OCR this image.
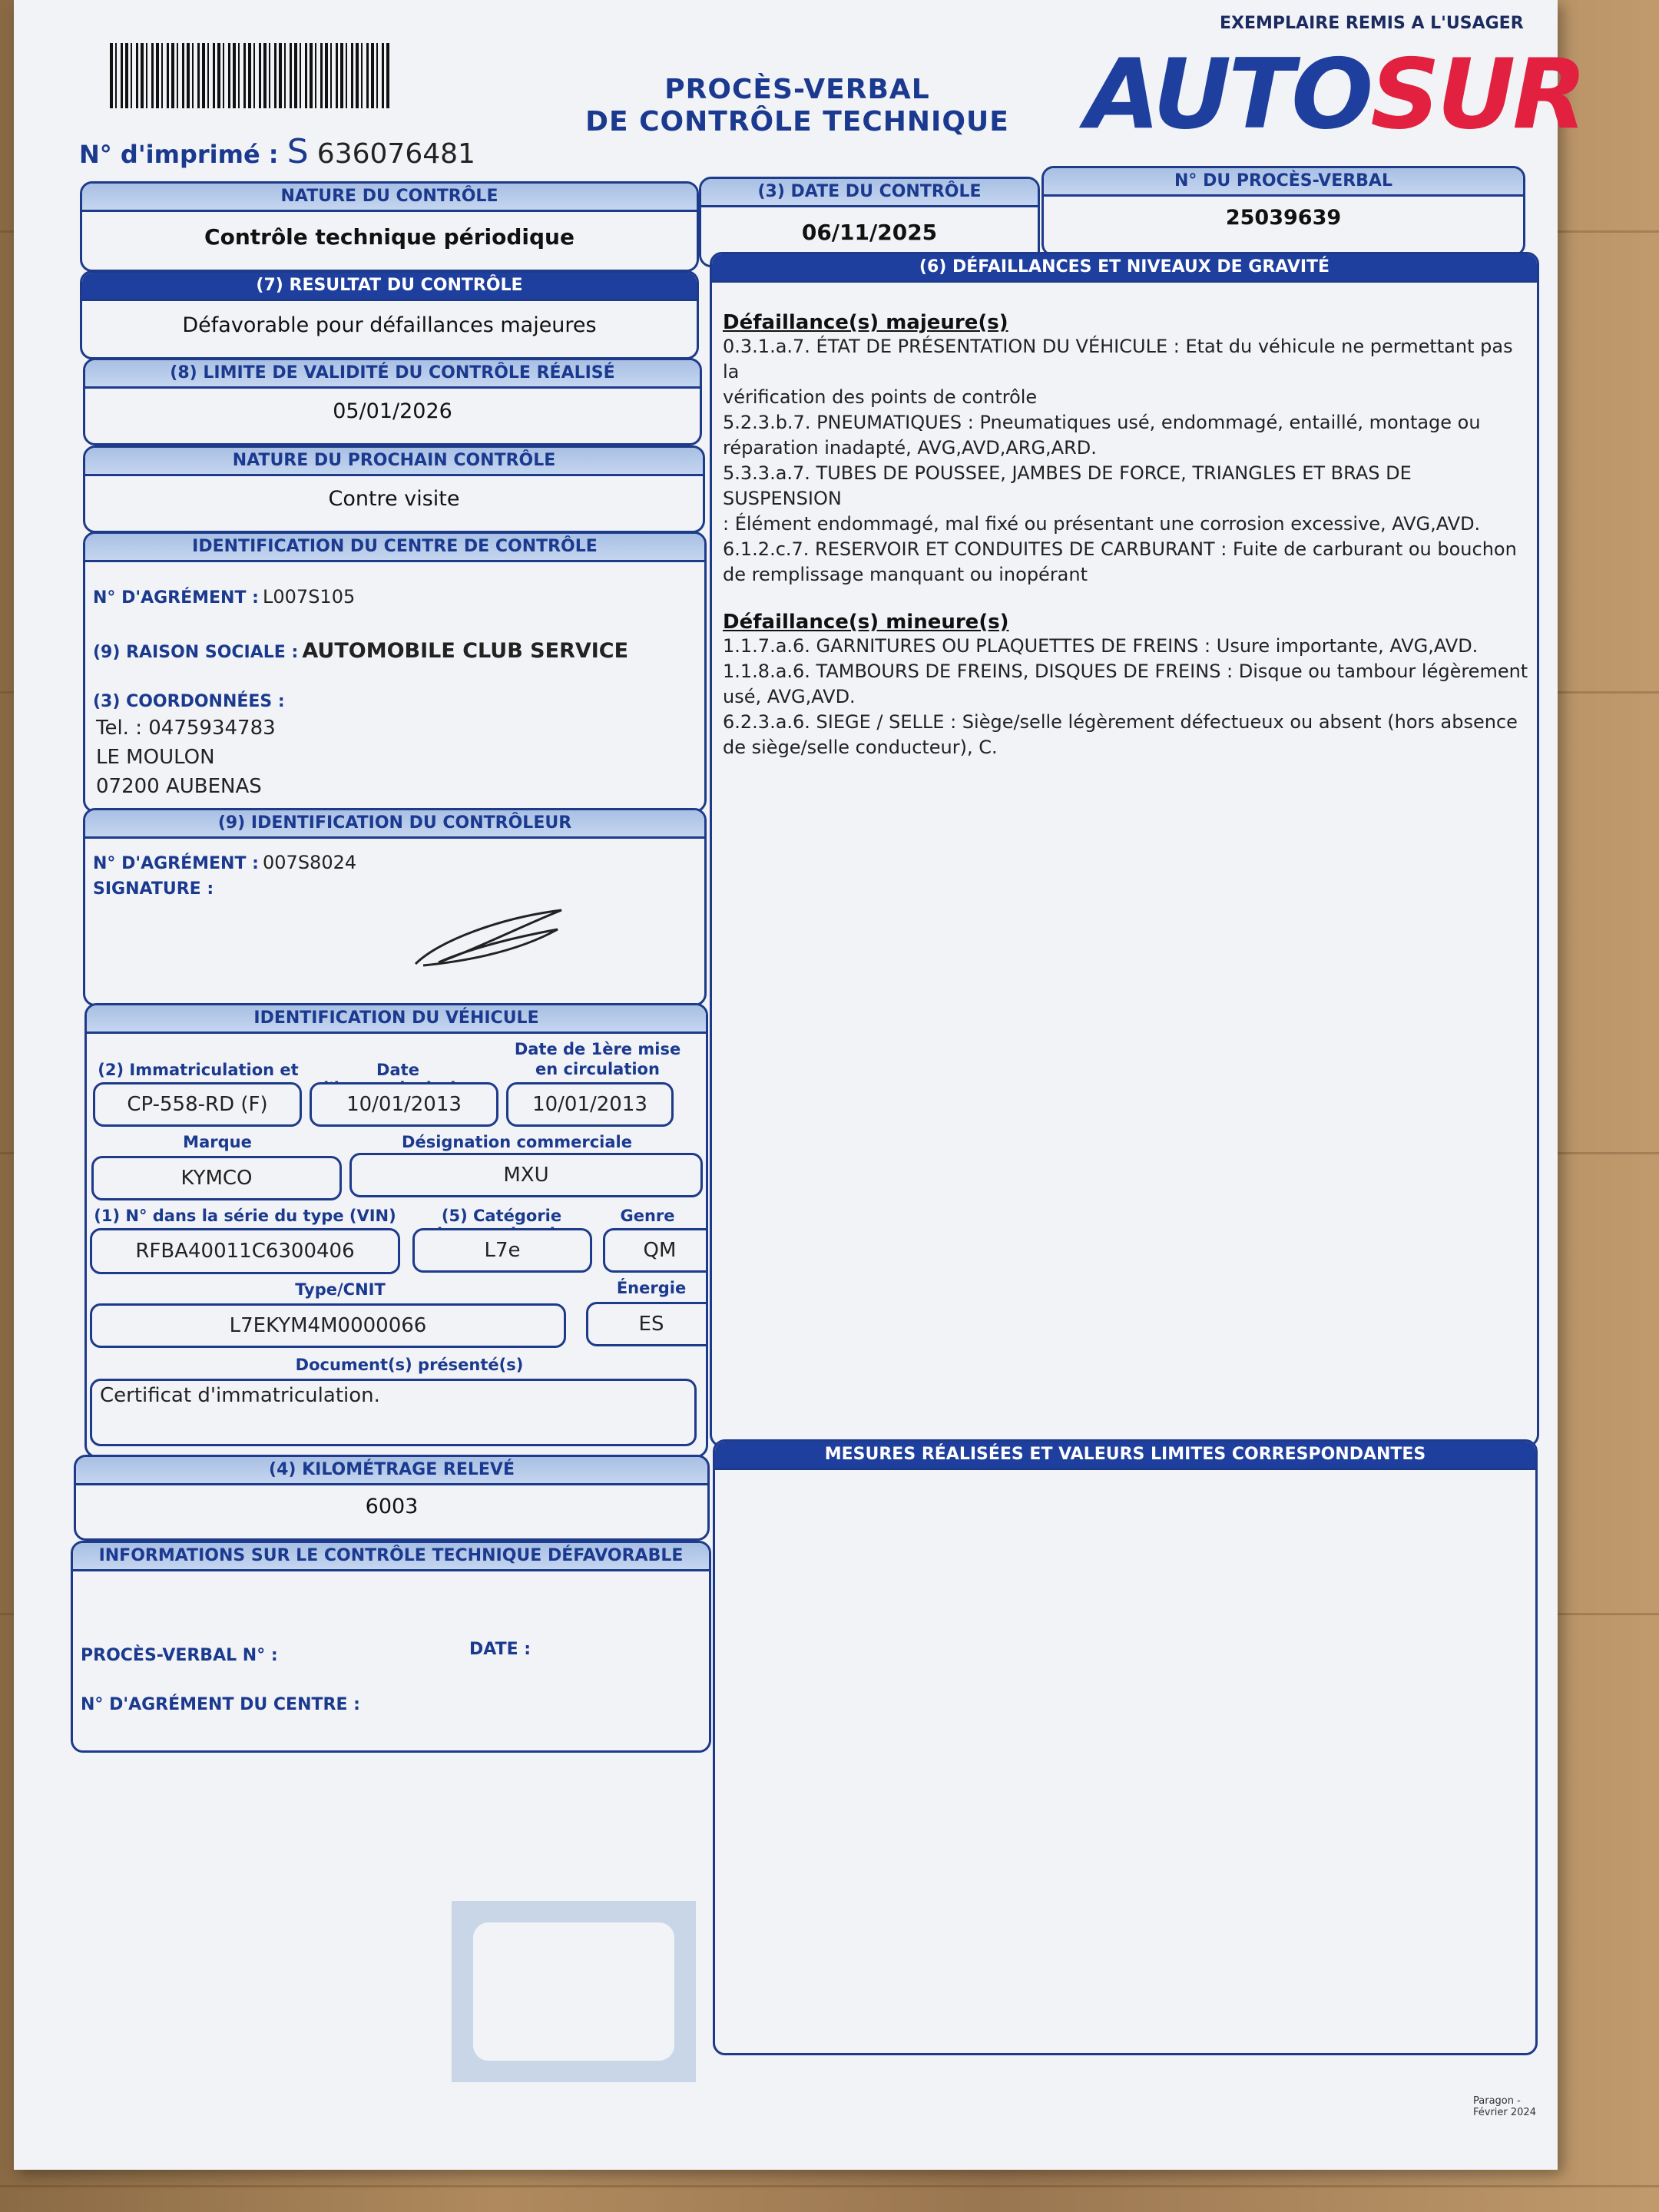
N° d'imprimé : S 636076481
PROCÈS-VERBAL
DE CONTRÔLE TECHNIQUE
EXEMPLAIRE REMIS A L'USAGER
AUTOSUR
NATURE DU CONTRÔLE
Contrôle technique périodique
(3) DATE DU CONTRÔLE
06/11/2025
N° DU PROCÈS-VERBAL
25039639
(7) RESULTAT DU CONTRÔLE
Défavorable pour défaillances majeures
(8) LIMITE DE VALIDITÉ DU CONTRÔLE RÉALISÉ
05/01/2026
NATURE DU PROCHAIN CONTRÔLE
Contre visite
IDENTIFICATION DU CENTRE DE CONTRÔLE
N° D'AGRÉMENT : L007S105
(9) RAISON SOCIALE : AUTOMOBILE CLUB SERVICE
(3) COORDONNÉES :
Tel. : 0475934783
LE MOULON
07200 AUBENAS
(9) IDENTIFICATION DU CONTRÔLEUR
N° D'AGRÉMENT : 007S8024
SIGNATURE :
IDENTIFICATION DU VÉHICULE
(2) Immatriculation et	Date
Date de 1ère mise
en circulation
CP-558-RD (F)	10/01/2013	10/01/2013
Marque	Désignation commerciale
KYMCO	MXU
(1) N° dans la série du type (VIN)	(5) Catégorie	Genre
RFBA40011C6300406	L7e	QM
Type/CNIT	Énergie
L7EKYM4M0000066	ES
Document(s) présenté(s)
Certificat d'immatriculation.
(4) KILOMÉTRAGE RELEVÉ
6003
INFORMATIONS SUR LE CONTRÔLE TECHNIQUE DÉFAVORABLE
PROCÈS-VERBAL N° :	DATE :
N° D'AGRÉMENT DU CENTRE :
(6) DÉFAILLANCES ET NIVEAUX DE GRAVITÉ
Défaillance(s) majeure(s)
0.3.1.a.7. ÉTAT DE PRÉSENTATION DU VÉHICULE : Etat du véhicule ne permettant pas la
vérification des points de contrôle
5.2.3.b.7. PNEUMATIQUES : Pneumatiques usé, endommagé, entaillé, montage ou
réparation inadapté, AVG,AVD,ARG,ARD.
5.3.3.a.7. TUBES DE POUSSEE, JAMBES DE FORCE, TRIANGLES ET BRAS DE SUSPENSION
: Élément endommagé, mal fixé ou présentant une corrosion excessive, AVG,AVD.
6.1.2.c.7. RESERVOIR ET CONDUITES DE CARBURANT : Fuite de carburant ou bouchon
de remplissage manquant ou inopérant
Défaillance(s) mineure(s)
1.1.7.a.6. GARNITURES OU PLAQUETTES DE FREINS : Usure importante, AVG,AVD.
1.1.8.a.6. TAMBOURS DE FREINS, DISQUES DE FREINS : Disque ou tambour légèrement
usé, AVG,AVD.
6.2.3.a.6. SIEGE / SELLE : Siège/selle légèrement défectueux ou absent (hors absence
de siège/selle conducteur), C.
MESURES RÉALISÉES ET VALEURS LIMITES CORRESPONDANTES
Paragon - Février 2024
